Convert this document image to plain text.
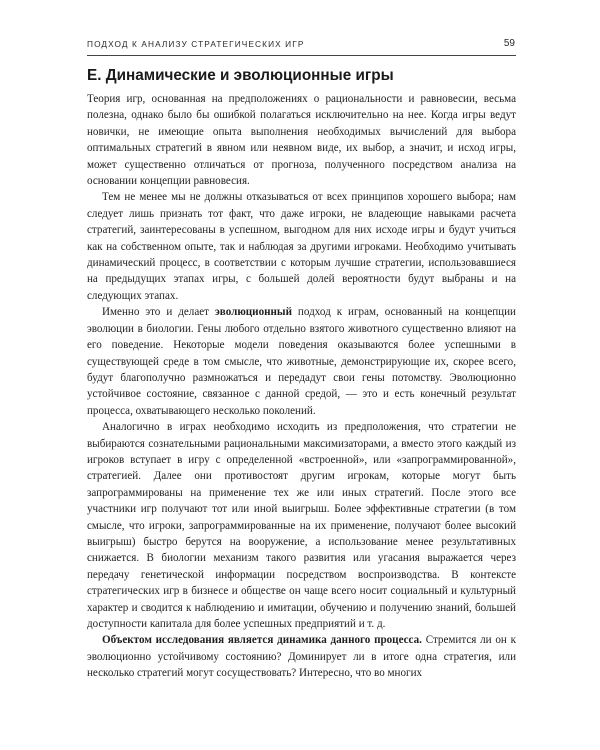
ПОДХОД К АНАЛИЗУ СТРАТЕГИЧЕСКИХ ИГР	59
E. Динамические и эволюционные игры

Теория игр, основанная на предположениях о рациональности и равновесии, весьма полезна, однако было бы ошибкой полагаться исключительно на нее. Когда игры ведут новички, не имеющие опыта выполнения необходимых вычислений для выбора оптимальных стратегий в явном или неявном виде, их выбор, а значит, и исход игры, может существенно отличаться от прогноза, полученного посредством анализа на основании концепции равновесия.

Тем не менее мы не должны отказываться от всех принципов хорошего выбора; нам следует лишь признать тот факт, что даже игроки, не владеющие навыками расчета стратегий, заинтересованы в успешном, выгодном для них исходе игры и будут учиться как на собственном опыте, так и наблюдая за другими игроками. Необходимо учитывать динамический процесс, в соответствии с которым лучшие стратегии, использовавшиеся на предыдущих этапах игры, с большей долей вероятности будут выбраны и на следующих этапах.

Именно это и делает эволюционный подход к играм, основанный на концепции эволюции в биологии. Гены любого отдельно взятого животного существенно влияют на его поведение. Некоторые модели поведения оказываются более успешными в существующей среде в том смысле, что животные, демонстрирующие их, скорее всего, будут благополучно размножаться и передадут свои гены потомству. Эволюционно устойчивое состояние, связанное с данной средой, — это и есть конечный результат процесса, охватывающего несколько поколений.

Аналогично в играх необходимо исходить из предположения, что стратегии не выбираются сознательными рациональными максимизаторами, а вместо этого каждый из игроков вступает в игру с определенной «встроенной», или «запрограммированной», стратегией. Далее они противостоят другим игрокам, которые могут быть запрограммированы на применение тех же или иных стратегий. После этого все участники игр получают тот или иной выигрыш. Более эффективные стратегии (в том смысле, что игроки, запрограммированные на их применение, получают более высокий выигрыш) быстро берутся на вооружение, а использование менее результативных снижается. В биологии механизм такого развития или угасания выражается через передачу генетической информации посредством воспроизводства. В контексте стратегических игр в бизнесе и обществе он чаще всего носит социальный и культурный характер и сводится к наблюдению и имитации, обучению и получению знаний, большей доступности капитала для более успешных предприятий и т. д.

Объектом исследования является динамика данного процесса. Стремится ли он к эволюционно устойчивому состоянию? Доминирует ли в итоге одна стратегия, или несколько стратегий могут сосуществовать? Интересно, что во многих
